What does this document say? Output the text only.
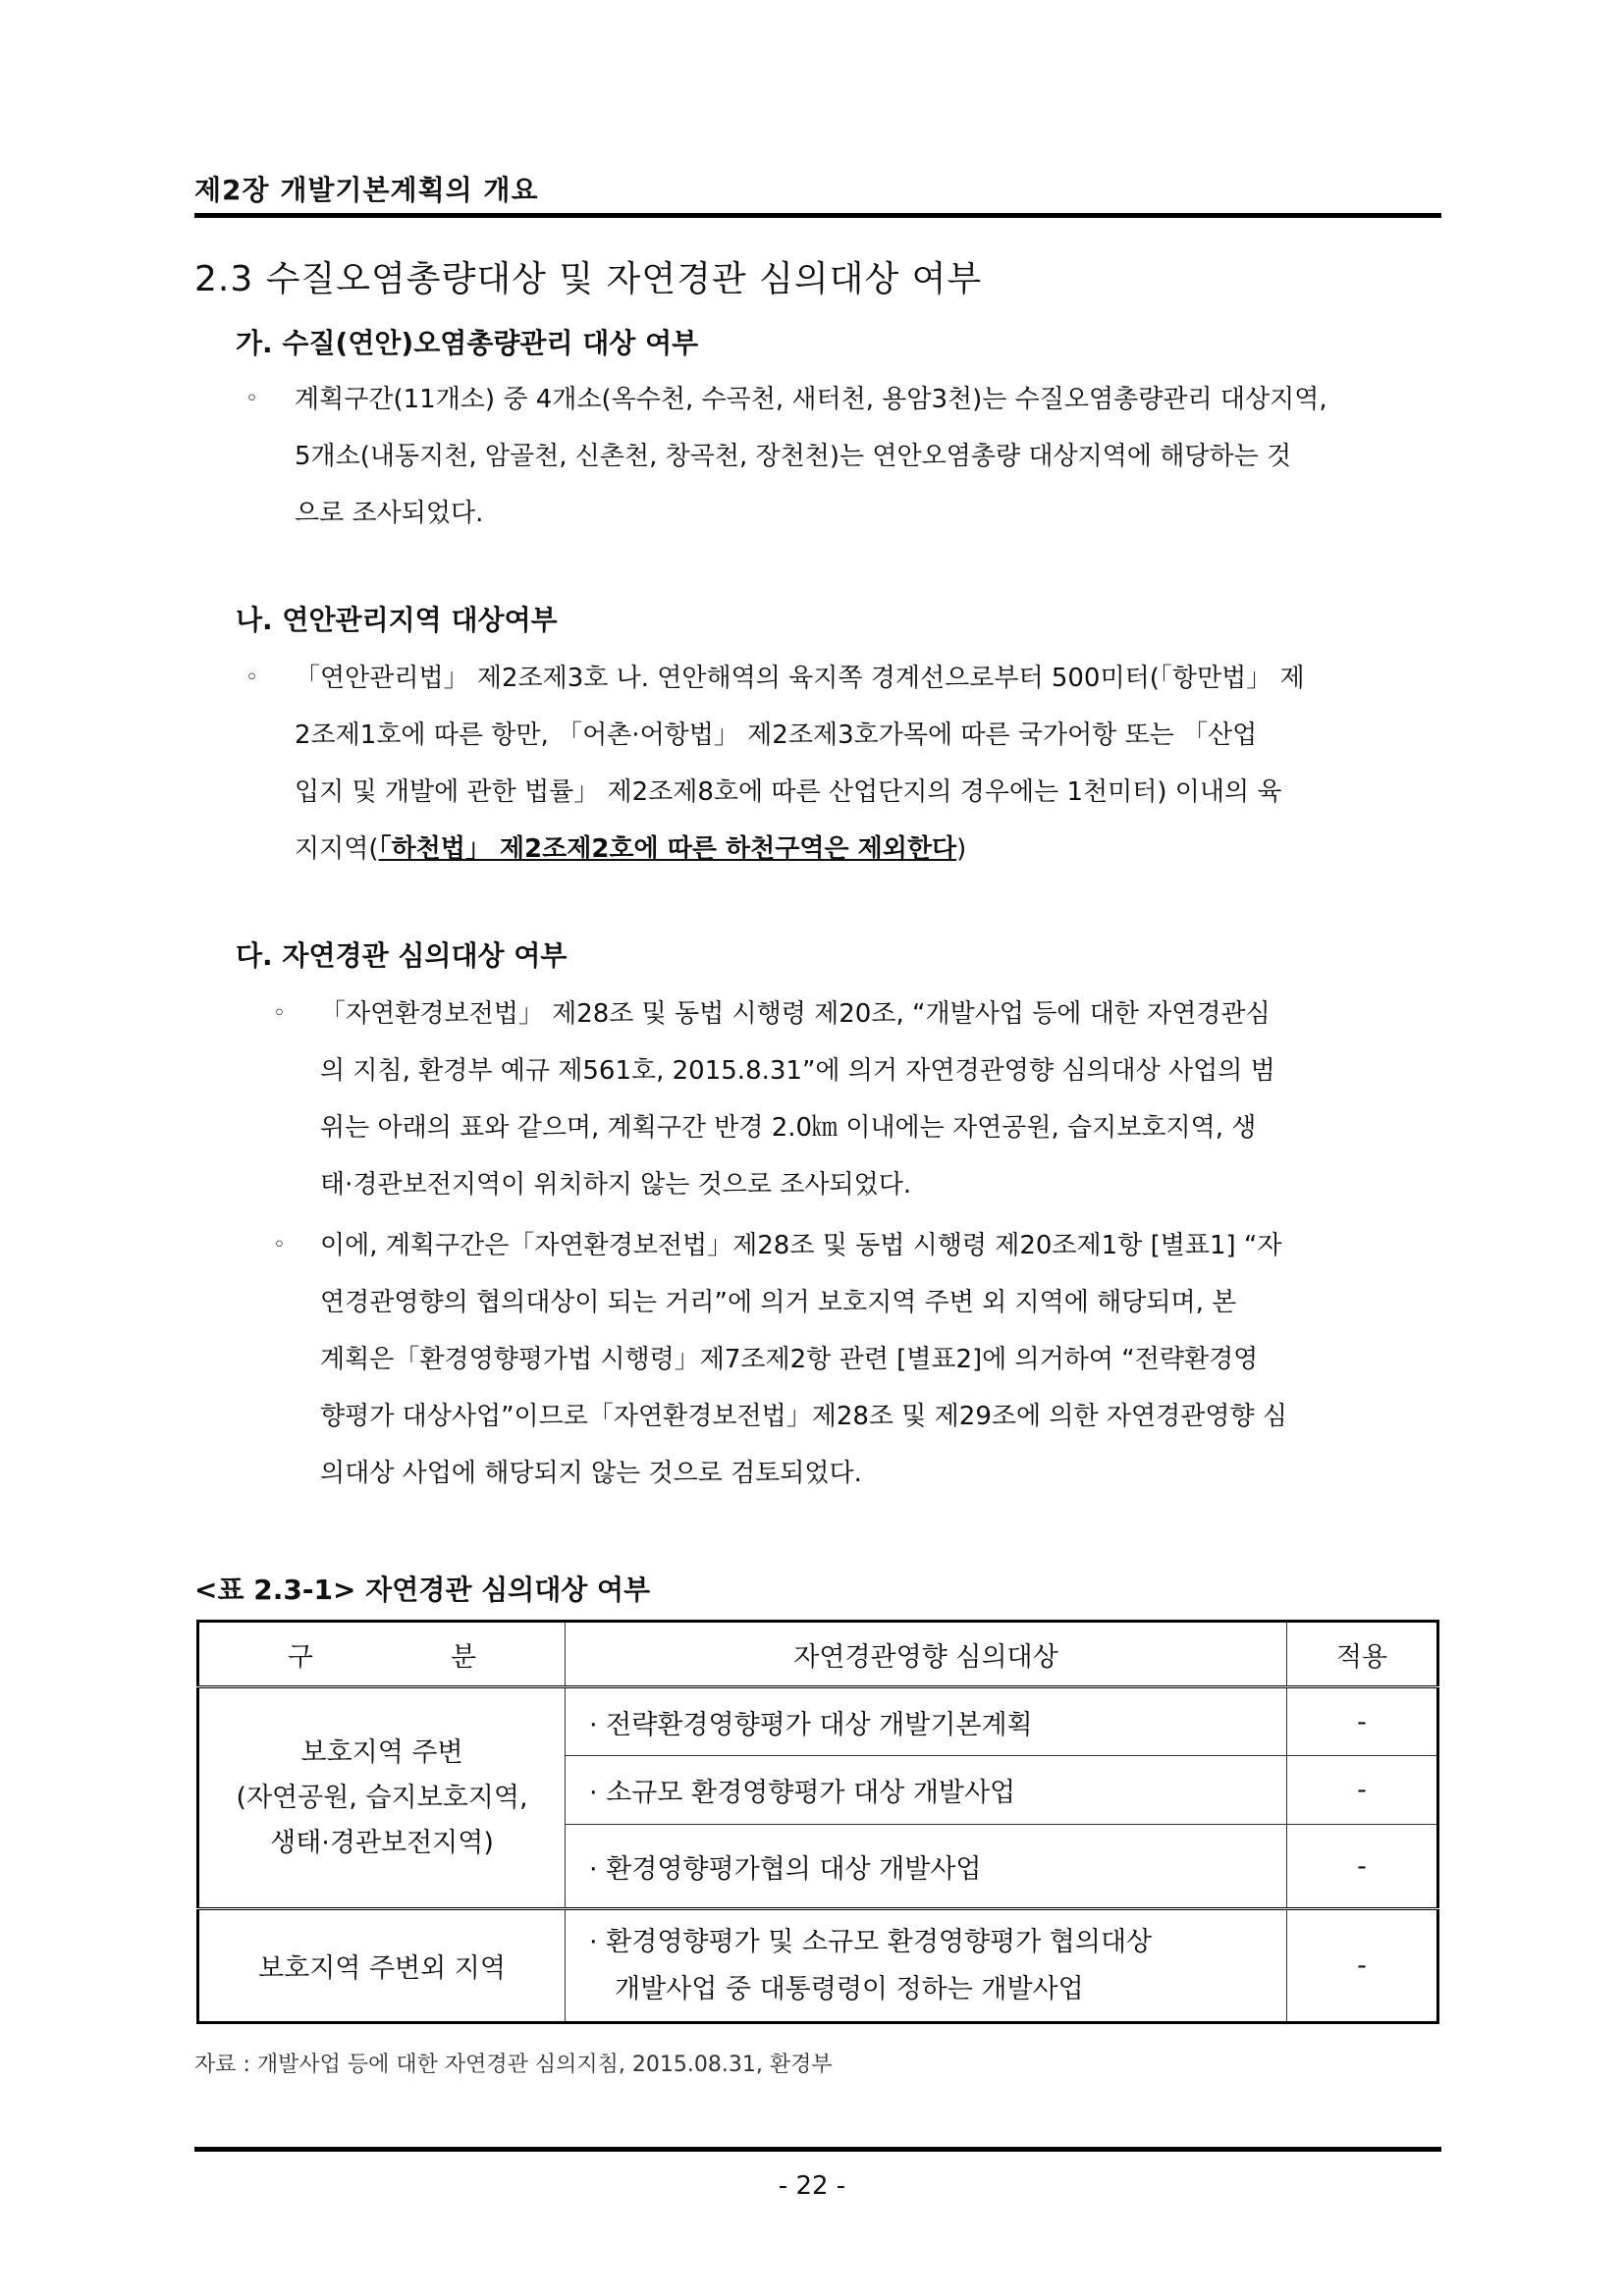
제2장 개발기본계획의 개요
2.3 수질오염총량대상 및 자연경관 심의대상 여부
가. 수질(연안)오염총량관리 대상 여부
◦ 계획구간(11개소) 중 4개소(옥수천, 수곡천, 새터천, 용암3천)는 수질오염총량관리 대상지역,
5개소(내동지천, 암골천, 신촌천, 창곡천, 장천천)는 연안오염총량 대상지역에 해당하는 것
으로 조사되었다.
나. 연안관리지역 대상여부
◦ 「연안관리법」 제2조제3호 나. 연안해역의 육지쪽 경계선으로부터 500미터(「항만법」 제
2조제1호에 따른 항만, 「어촌·어항법」 제2조제3호가목에 따른 국가어항 또는 「산업
입지 및 개발에 관한 법률」 제2조제8호에 따른 산업단지의 경우에는 1천미터) 이내의 육
지지역(「하천법」 제2조제2호에 따른 하천구역은 제외한다)
다. 자연경관 심의대상 여부
◦ 「자연환경보전법」 제28조 및 동법 시행령 제20조, “개발사업 등에 대한 자연경관심
의 지침, 환경부 예규 제561호, 2015.8.31”에 의거 자연경관영향 심의대상 사업의 범
위는 아래의 표와 같으며, 계획구간 반경 2.0㎞ 이내에는 자연공원, 습지보호지역, 생
태·경관보전지역이 위치하지 않는 것으로 조사되었다.
◦ 이에, 계획구간은「자연환경보전법」제28조 및 동법 시행령 제20조제1항 [별표1] “자
연경관영향의 협의대상이 되는 거리”에 의거 보호지역 주변 외 지역에 해당되며, 본
계획은「환경영향평가법 시행령」제7조제2항 관련 [별표2]에 의거하여 “전략환경영
향평가 대상사업”이므로「자연환경보전법」제28조 및 제29조에 의한 자연경관영향 심
의대상 사업에 해당되지 않는 것으로 검토되었다.
<표 2.3-1> 자연경관 심의대상 여부
구 분	자연경관영향 심의대상	적용

보호지역 주변
(자연공원, 습지보호지역,
생태·경관보전지역)	· 전략환경영향평가 대상 개발기본계획	-
	· 소규모 환경영향평가 대상 개발사업	-
	· 환경영향평가협의 대상 개발사업	-
보호지역 주변외 지역	· 환경영향평가 및 소규모 환경영향평가 협의대상
개발사업 중 대통령령이 정하는 개발사업	-
자료 : 개발사업 등에 대한 자연경관 심의지침, 2015.08.31, 환경부
- 22 -
